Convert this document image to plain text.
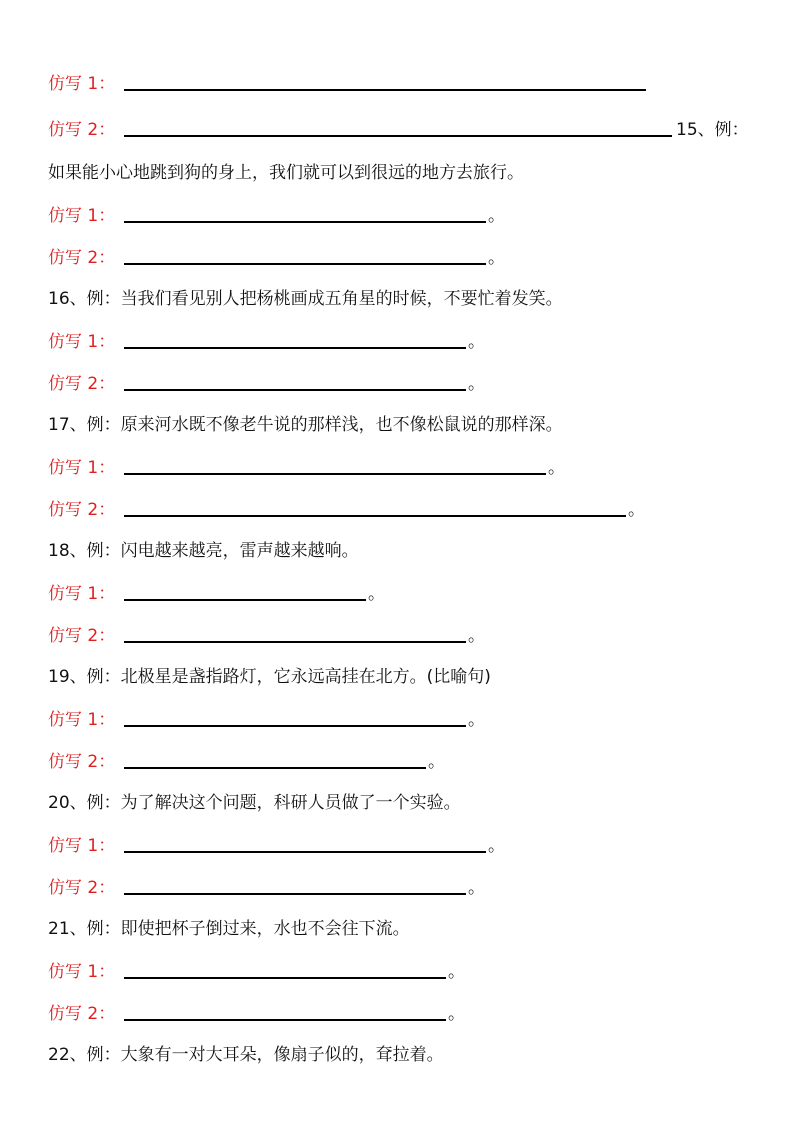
仿写 1：
仿写 2：	15、例：
如果能小心地跳到狗的身上，我们就可以到很远的地方去旅行。
仿写 1：	。
仿写 2：	。
16、例：当我们看见别人把杨桃画成五角星的时候，不要忙着发笑。
仿写 1：	。
仿写 2：	。
17、例：原来河水既不像老牛说的那样浅，也不像松鼠说的那样深。
仿写 1：	。
仿写 2：	。
18、例：闪电越来越亮，雷声越来越响。
仿写 1：	。
仿写 2：	。
19、例：北极星是盏指路灯，它永远高挂在北方。(比喻句)
仿写 1：	。
仿写 2：	。
20、例：为了解决这个问题，科研人员做了一个实验。
仿写 1：	。
仿写 2：	。
21、例：即使把杯子倒过来，水也不会往下流。
仿写 1：	。
仿写 2：	。
22、例：大象有一对大耳朵，像扇子似的，耷拉着。
